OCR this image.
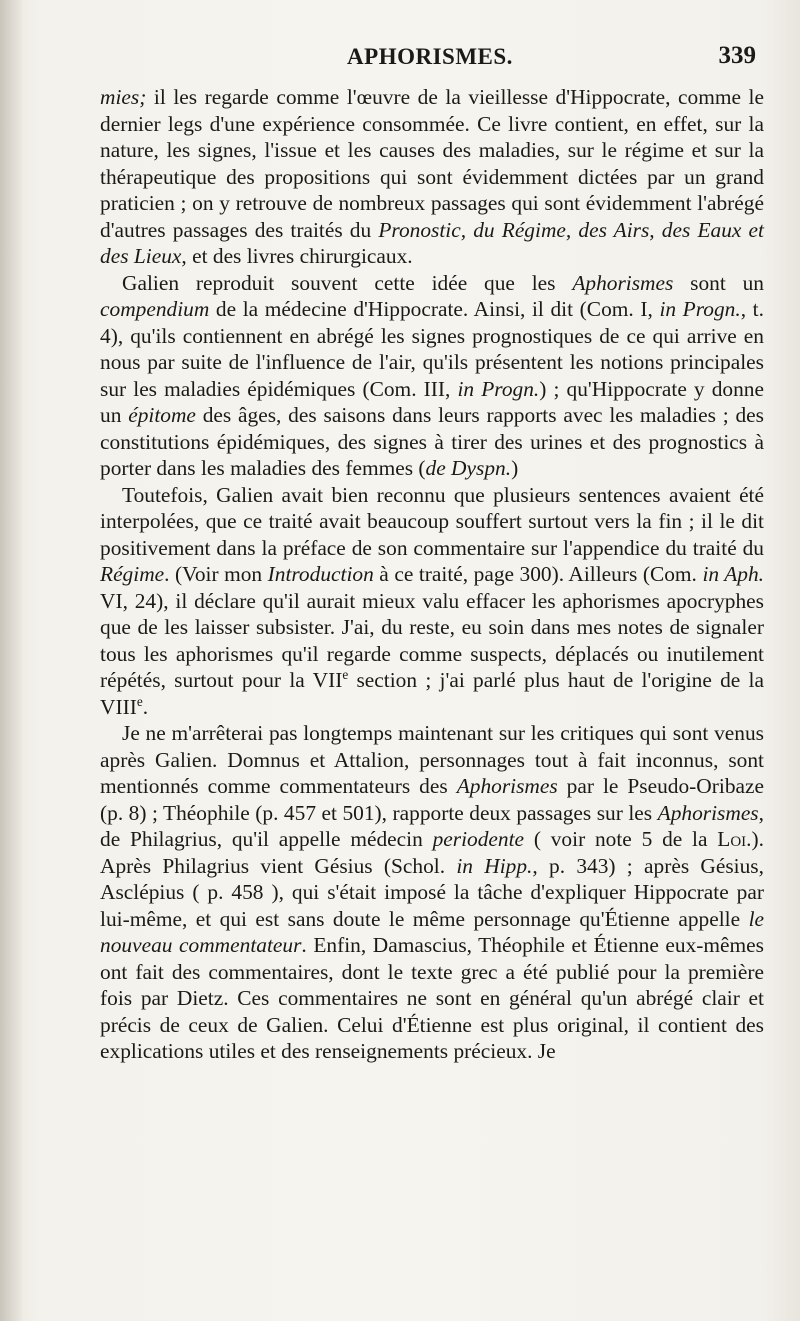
APHORISMES.	339

mies; il les regarde comme l'œuvre de la vieillesse d'Hippocrate, comme le dernier legs d'une expérience consommée. Ce livre contient, en effet, sur la nature, les signes, l'issue et les causes des maladies, sur le régime et sur la thérapeutique des propositions qui sont évidemment dictées par un grand praticien ; on y retrouve de nombreux passages qui sont évidemment l'abrégé d'autres passages des traités du Pronostic, du Régime, des Airs, des Eaux et des Lieux, et des livres chirurgicaux.

Galien reproduit souvent cette idée que les Aphorismes sont un compendium de la médecine d'Hippocrate. Ainsi, il dit (Com. I, in Progn., t. 4), qu'ils contiennent en abrégé les signes prognostiques de ce qui arrive en nous par suite de l'influence de l'air, qu'ils présentent les notions principales sur les maladies épidémiques (Com. III, in Progn.) ; qu'Hippocrate y donne un épitome des âges, des saisons dans leurs rapports avec les maladies ; des constitutions épidémiques, des signes à tirer des urines et des prognostics à porter dans les maladies des femmes (de Dyspn.)

Toutefois, Galien avait bien reconnu que plusieurs sentences avaient été interpolées, que ce traité avait beaucoup souffert surtout vers la fin ; il le dit positivement dans la préface de son commentaire sur l'appendice du traité du Régime. (Voir mon Introduction à ce traité, page 300). Ailleurs (Com. in Aph. VI, 24), il déclare qu'il aurait mieux valu effacer les aphorismes apocryphes que de les laisser subsister. J'ai, du reste, eu soin dans mes notes de signaler tous les aphorismes qu'il regarde comme suspects, déplacés ou inutilement répétés, surtout pour la VIIe section ; j'ai parlé plus haut de l'origine de la VIIIe.

Je ne m'arrêterai pas longtemps maintenant sur les critiques qui sont venus après Galien. Domnus et Attalion, personnages tout à fait inconnus, sont mentionnés comme commentateurs des Aphorismes par le Pseudo-Oribaze (p. 8) ; Théophile (p. 457 et 501), rapporte deux passages sur les Aphorismes, de Philagrius, qu'il appelle médecin periodente ( voir note 5 de la Loi.). Après Philagrius vient Gésius (Schol. in Hipp., p. 343) ; après Gésius, Asclépius ( p. 458 ), qui s'était imposé la tâche d'expliquer Hippocrate par lui-même, et qui est sans doute le même personnage qu'Étienne appelle le nouveau commentateur. Enfin, Damascius, Théophile et Étienne eux-mêmes ont fait des commentaires, dont le texte grec a été publié pour la première fois par Dietz. Ces commentaires ne sont en général qu'un abrégé clair et précis de ceux de Galien. Celui d'Étienne est plus original, il contient des explications utiles et des renseignements précieux. Je
